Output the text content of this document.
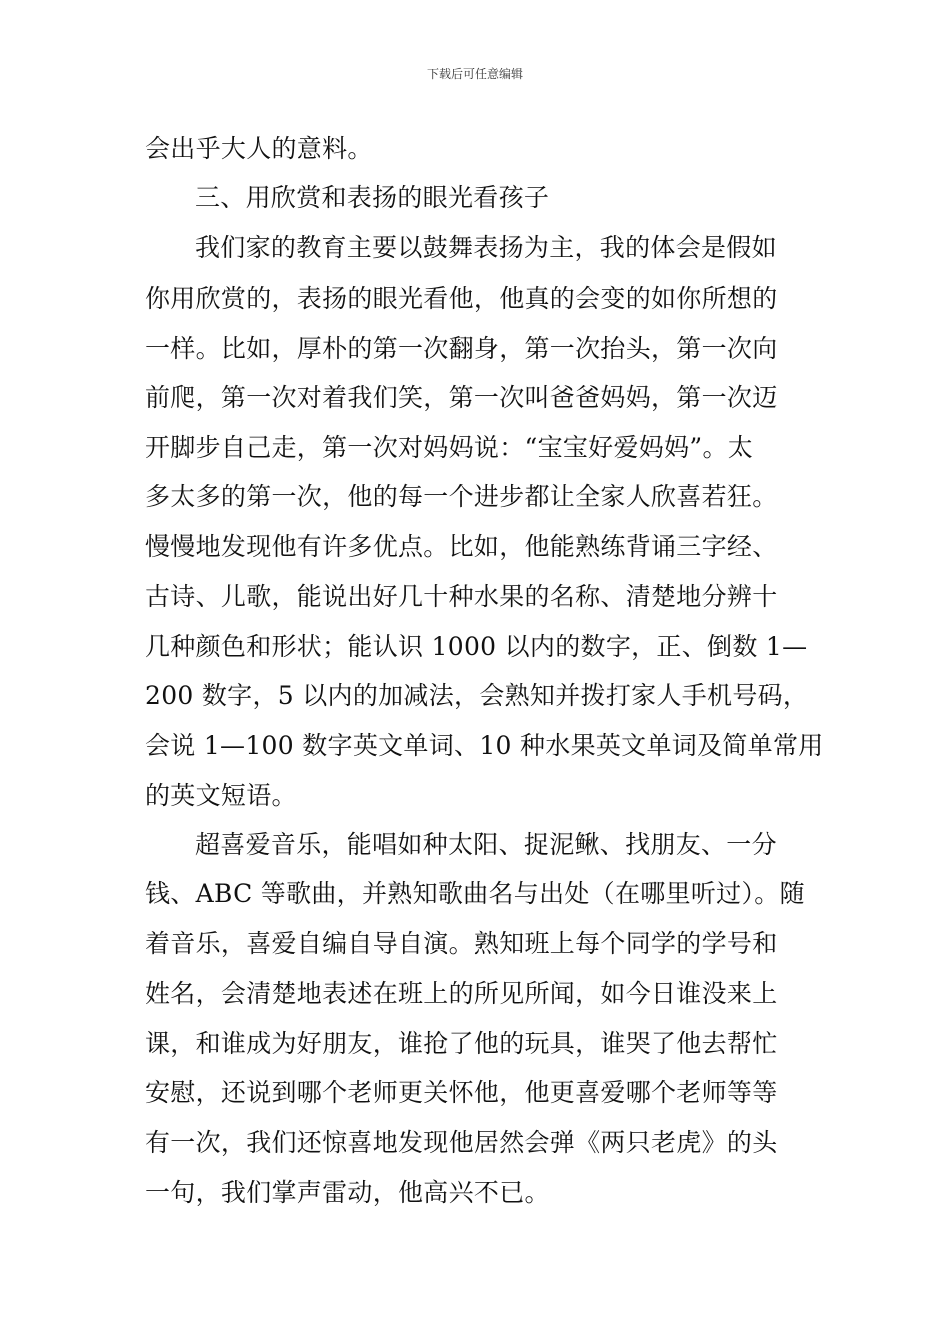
下载后可任意编辑
会出乎大人的意料。
三、用欣赏和表扬的眼光看孩子
我们家的教育主要以鼓舞表扬为主，我的体会是假如
你用欣赏的，表扬的眼光看他，他真的会变的如你所想的
一样。比如，厚朴的第一次翻身，第一次抬头，第一次向
前爬，第一次对着我们笑，第一次叫爸爸妈妈，第一次迈
开脚步自己走，第一次对妈妈说：“宝宝好爱妈妈”。太
多太多的第一次，他的每一个进步都让全家人欣喜若狂。
慢慢地发现他有许多优点。比如，他能熟练背诵三字经、
古诗、儿歌，能说出好几十种水果的名称、清楚地分辨十
几种颜色和形状；能认识 1000 以内的数字，正、倒数 1—
200 数字，5 以内的加减法，会熟知并拨打家人手机号码，
会说 1—100 数字英文单词、10 种水果英文单词及简单常用
的英文短语。
超喜爱音乐，能唱如种太阳、捉泥鳅、找朋友、一分
钱、ABC 等歌曲，并熟知歌曲名与出处（在哪里听过）。随
着音乐，喜爱自编自导自演。熟知班上每个同学的学号和
姓名，会清楚地表述在班上的所见所闻，如今日谁没来上
课，和谁成为好朋友，谁抢了他的玩具，谁哭了他去帮忙
安慰，还说到哪个老师更关怀他，他更喜爱哪个老师等等
有一次，我们还惊喜地发现他居然会弹《两只老虎》的头
一句，我们掌声雷动，他高兴不已。
